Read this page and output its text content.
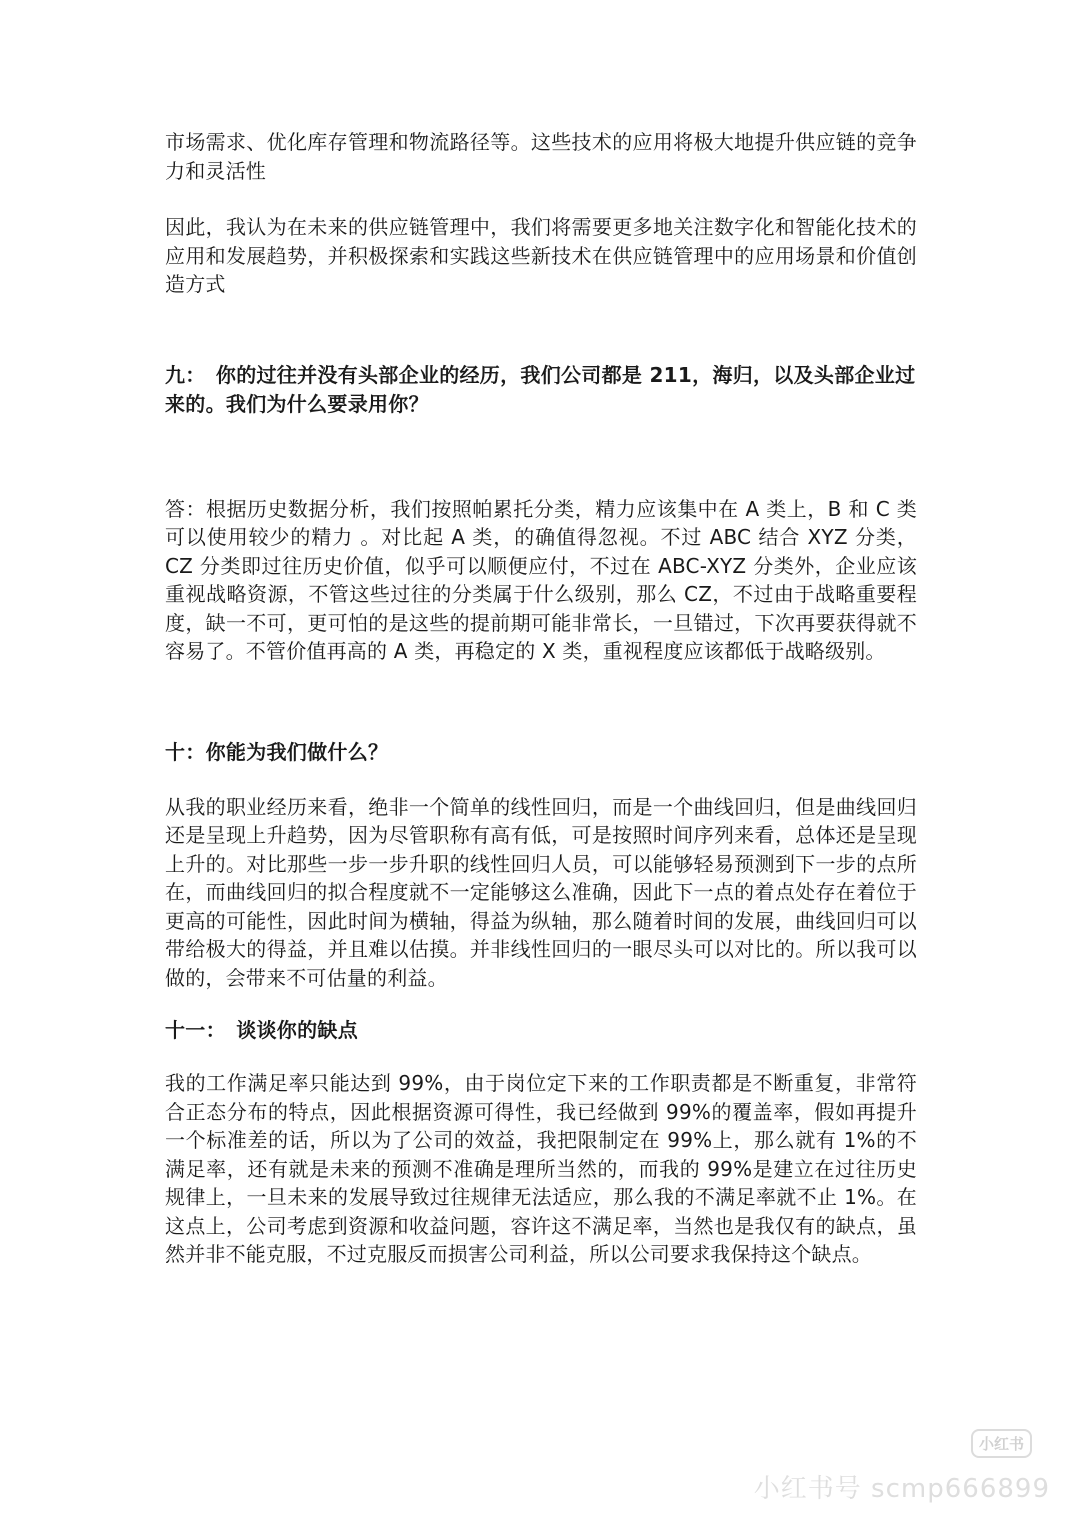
市场需求、优化库存管理和物流路径等。这些技术的应用将极大地提升供应链的竞争力和灵活性

因此，我认为在未来的供应链管理中，我们将需要更多地关注数字化和智能化技术的应用和发展趋势，并积极探索和实践这些新技术在供应链管理中的应用场景和价值创造方式

九：　你的过往并没有头部企业的经历，我们公司都是 211，海归，以及头部企业过来的。我们为什么要录用你？

答：根据历史数据分析，我们按照帕累托分类，精力应该集中在 A 类上，B 和 C 类可以使用较少的精力 。对比起 A 类，的确值得忽视。不过 ABC 结合 XYZ 分类，CZ 分类即过往历史价值，似乎可以顺便应付，不过在 ABC-XYZ 分类外，企业应该重视战略资源，不管这些过往的分类属于什么级别，那么 CZ，不过由于战略重要程度，缺一不可，更可怕的是这些的提前期可能非常长，一旦错过，下次再要获得就不容易了。不管价值再高的 A 类，再稳定的 X 类，重视程度应该都低于战略级别。

十：你能为我们做什么？

从我的职业经历来看，绝非一个简单的线性回归，而是一个曲线回归，但是曲线回归还是呈现上升趋势，因为尽管职称有高有低，可是按照时间序列来看，总体还是呈现上升的。对比那些一步一步升职的线性回归人员，可以能够轻易预测到下一步的点所在，而曲线回归的拟合程度就不一定能够这么准确，因此下一点的着点处存在着位于更高的可能性，因此时间为横轴，得益为纵轴，那么随着时间的发展，曲线回归可以带给极大的得益，并且难以估摸。并非线性回归的一眼尽头可以对比的。所以我可以做的，会带来不可估量的利益。

十一：　谈谈你的缺点

我的工作满足率只能达到 99%，由于岗位定下来的工作职责都是不断重复，非常符合正态分布的特点，因此根据资源可得性，我已经做到 99%的覆盖率，假如再提升一个标准差的话，所以为了公司的效益，我把限制定在 99%上，那么就有 1%的不满足率，还有就是未来的预测不准确是理所当然的，而我的 99%是建立在过往历史规律上，一旦未来的发展导致过往规律无法适应，那么我的不满足率就不止 1%。在这点上，公司考虑到资源和收益问题，容许这不满足率，当然也是我仅有的缺点，虽然并非不能克服，不过克服反而损害公司利益，所以公司要求我保持这个缺点。

小红书
小红书号 scmp666899
